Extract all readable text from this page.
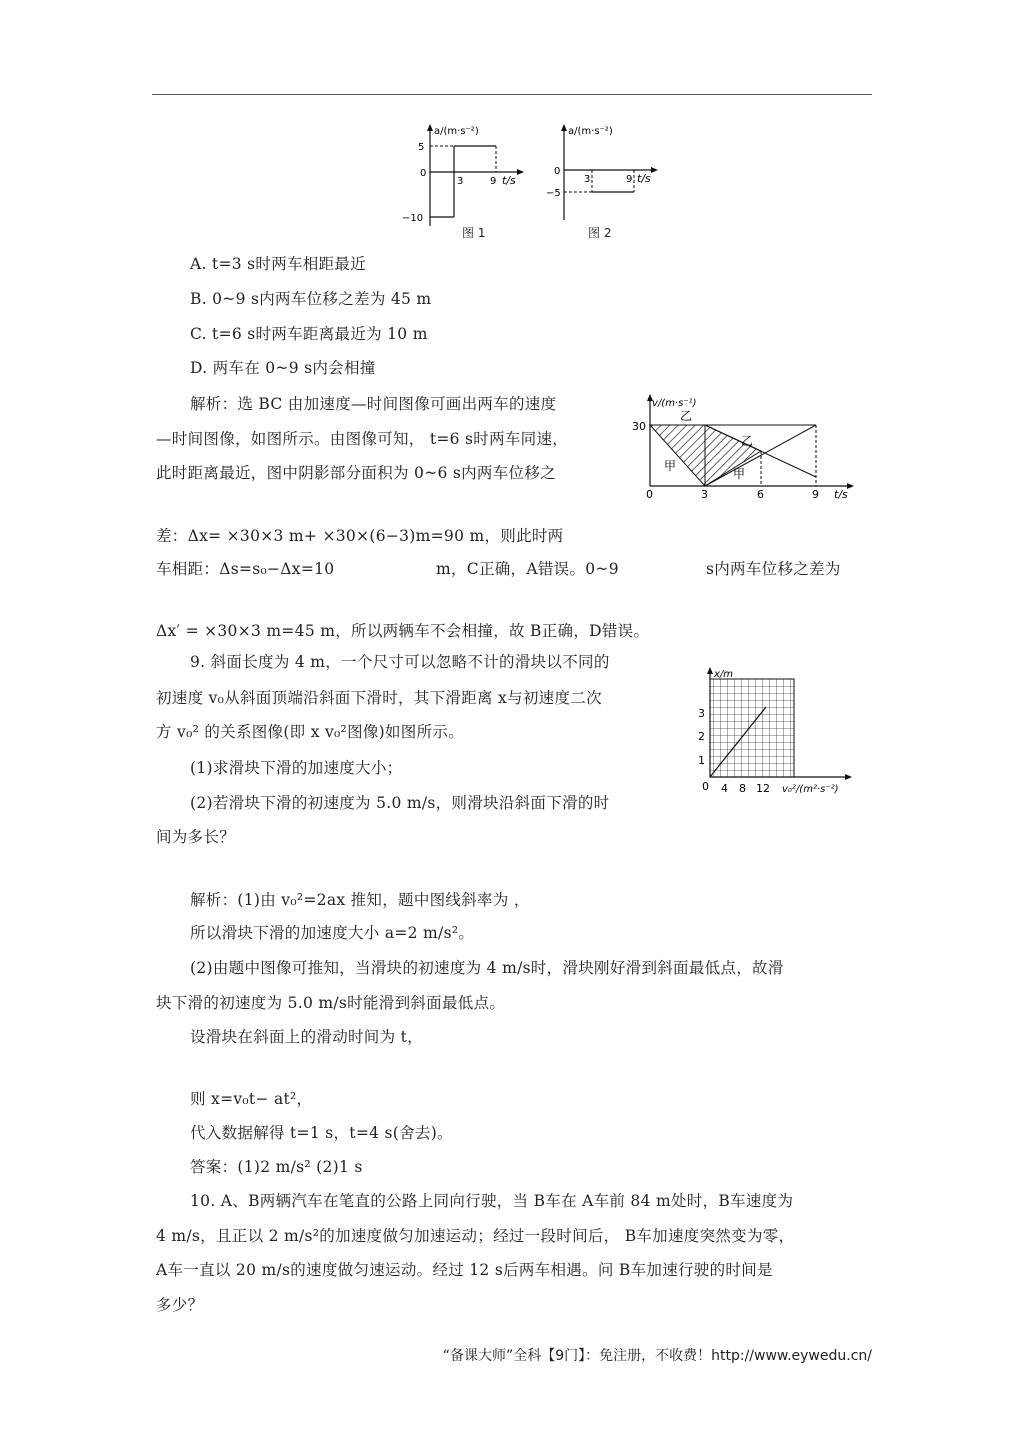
a/(m·s⁻²)
5
0
−10
3	9 t/s
图 1
a/(m·s⁻²)
0
−5
3	9 t/s
图 2
A. t=3 s时两车相距最近
B. 0~9 s内两车位移之差为 45 m
C. t=6 s时两车距离最近为 10 m
D. 两车在 0~9 s内会相撞
解析：选 BC 由加速度—时间图像可画出两车的速度
—时间图像，如图所示。由图像可知， t=6 s时两车同速，
此时距离最近，图中阴影部分面积为 0~6 s内两车位移之
差：Δx= ×30×3 m+ ×30×(6−3)m=90 m，则此时两
车相距：Δs=s₀−Δx=10	m，C正确，A错误。0~9	s内两车位移之差为
Δx′ = ×30×3 m=45 m，所以两辆车不会相撞，故 B正确，D错误。
v/(m·s⁻¹)
30
0	3	6	9 t/s
乙
乙
甲
甲
9. 斜面长度为 4 m，一个尺寸可以忽略不计的滑块以不同的
初速度 v₀从斜面顶端沿斜面下滑时，其下滑距离 x与初速度二次
方 v₀² 的关系图像(即 x v₀²图像)如图所示。
(1)求滑块下滑的加速度大小；
(2)若滑块下滑的初速度为 5.0 m/s，则滑块沿斜面下滑的时
间为多长？
x/m
3
2
1
0 4 8 12 v₀²/(m²·s⁻²)
解析：(1)由 v₀²=2ax 推知，题中图线斜率为 ，
所以滑块下滑的加速度大小 a=2 m/s²。
(2)由题中图像可推知，当滑块的初速度为 4 m/s时，滑块刚好滑到斜面最低点，故滑
块下滑的初速度为 5.0 m/s时能滑到斜面最低点。
设滑块在斜面上的滑动时间为 t，
则 x=v₀t− at²，
代入数据解得 t=1 s，t=4 s(舍去)。
答案：(1)2 m/s² (2)1 s
10. A、B两辆汽车在笔直的公路上同向行驶，当 B车在 A车前 84 m处时，B车速度为
4 m/s，且正以 2 m/s²的加速度做匀加速运动；经过一段时间后， B车加速度突然变为零，
A车一直以 20 m/s的速度做匀速运动。经过 12 s后两车相遇。问 B车加速行驶的时间是
多少？
“备课大师”全科【9门】：免注册，不收费！http://www.eywedu.cn/
